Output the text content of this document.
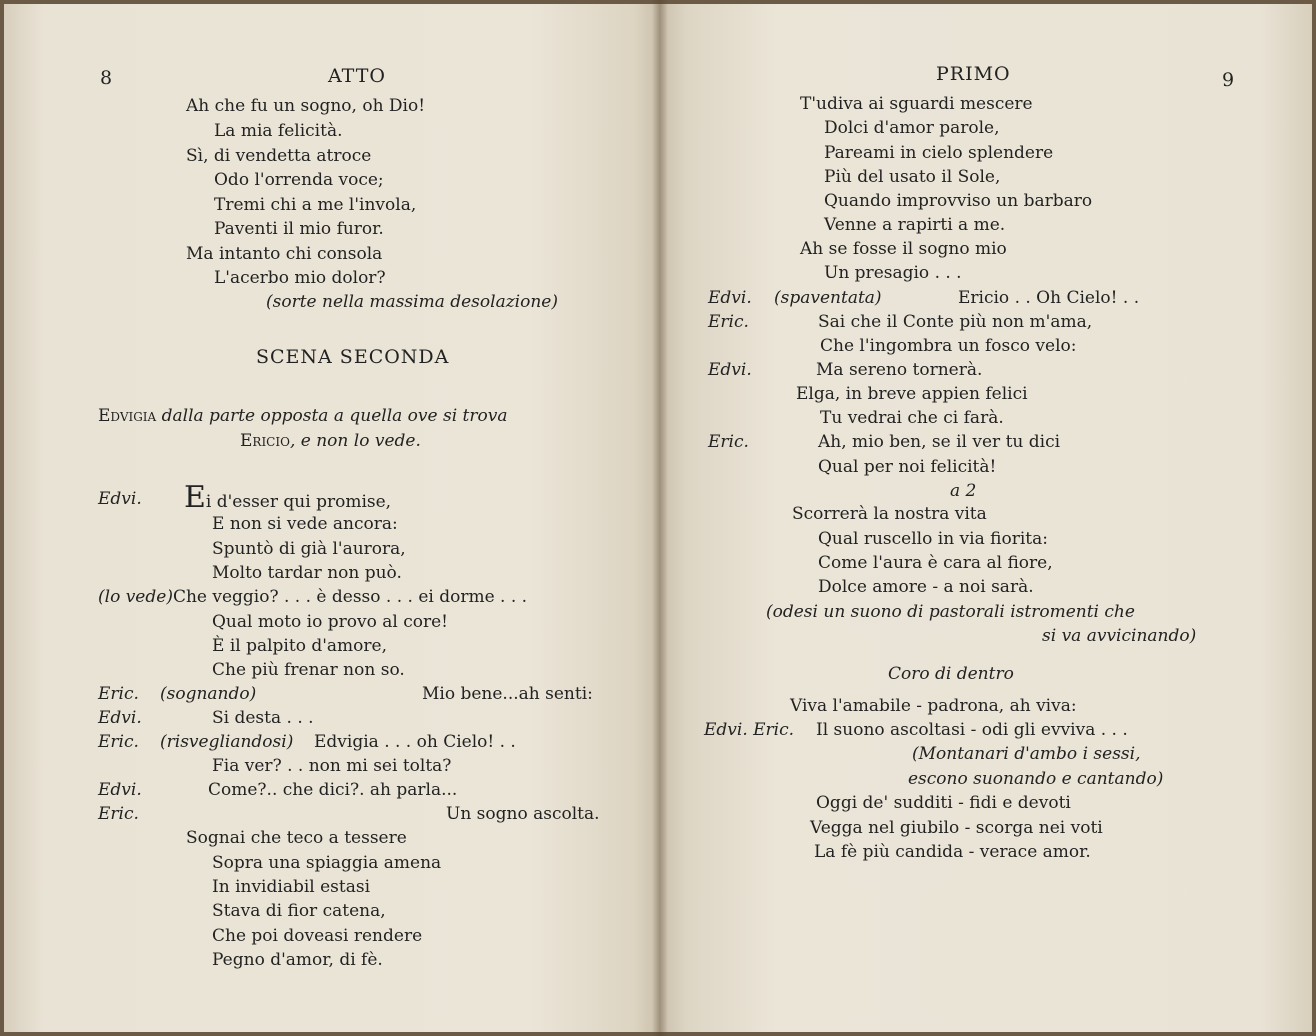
8	ATTO
Ah che fu un sogno, oh Dio!
La mia felicità.
Sì, di vendetta atroce
Odo l'orrenda voce;
Tremi chi a me l'invola,
Paventi il mio furor.
Ma intanto chi consola
L'acerbo mio dolor?
(sorte nella massima desolazione)
SCENA SECONDA
Edvigia dalla parte opposta a quella ove si trova
Ericio, e non lo vede.
Edvi. Ei d'esser qui promise,
E non si vede ancora:
Spuntò di già l'aurora,
Molto tardar non può.
(lo vede)Che veggio? . . . è desso . . . ei dorme . . .
Qual moto io provo al core!
È il palpito d'amore,
Che più frenar non so.
Eric. (sognando)	Mio bene...ah senti:
Edvi.	Si desta . . .
Eric. (risvegliandosi) Edvigia . . . oh Cielo! . .
Fia ver? . . non mi sei tolta?
Edvi.	Come?.. che dici?. ah parla...
Eric.	Un sogno ascolta.
Sognai che teco a tessere
Sopra una spiaggia amena
In invidiabil estasi
Stava di fior catena,
Che poi doveasi rendere
Pegno d'amor, di fè.
PRIMO	9
T'udiva ai sguardi mescere
Dolci d'amor parole,
Pareami in cielo splendere
Più del usato il Sole,
Quando improvviso un barbaro
Venne a rapirti a me.
Ah se fosse il sogno mio
Un presagio . . .
Edvi. (spaventata)	Ericio . . Oh Cielo! . .
Eric.	Sai che il Conte più non m'ama,
Che l'ingombra un fosco velo:
Edvi.	Ma sereno tornerà.
Elga, in breve appien felici
Tu vedrai che ci farà.
Eric.	Ah, mio ben, se il ver tu dici
Qual per noi felicità!
a 2
Scorrerà la nostra vita
Qual ruscello in via fiorita:
Come l'aura è cara al fiore,
Dolce amore - a noi sarà.
(odesi un suono di pastorali istromenti che
si va avvicinando)
Coro di dentro
Viva l'amabile - padrona, ah viva:
Edvi. Eric. Il suono ascoltasi - odi gli evviva . . .
(Montanari d'ambo i sessi,
escono suonando e cantando)
Oggi de' sudditi - fidi e devoti
Vegga nel giubilo - scorga nei voti
La fè più candida - verace amor.
